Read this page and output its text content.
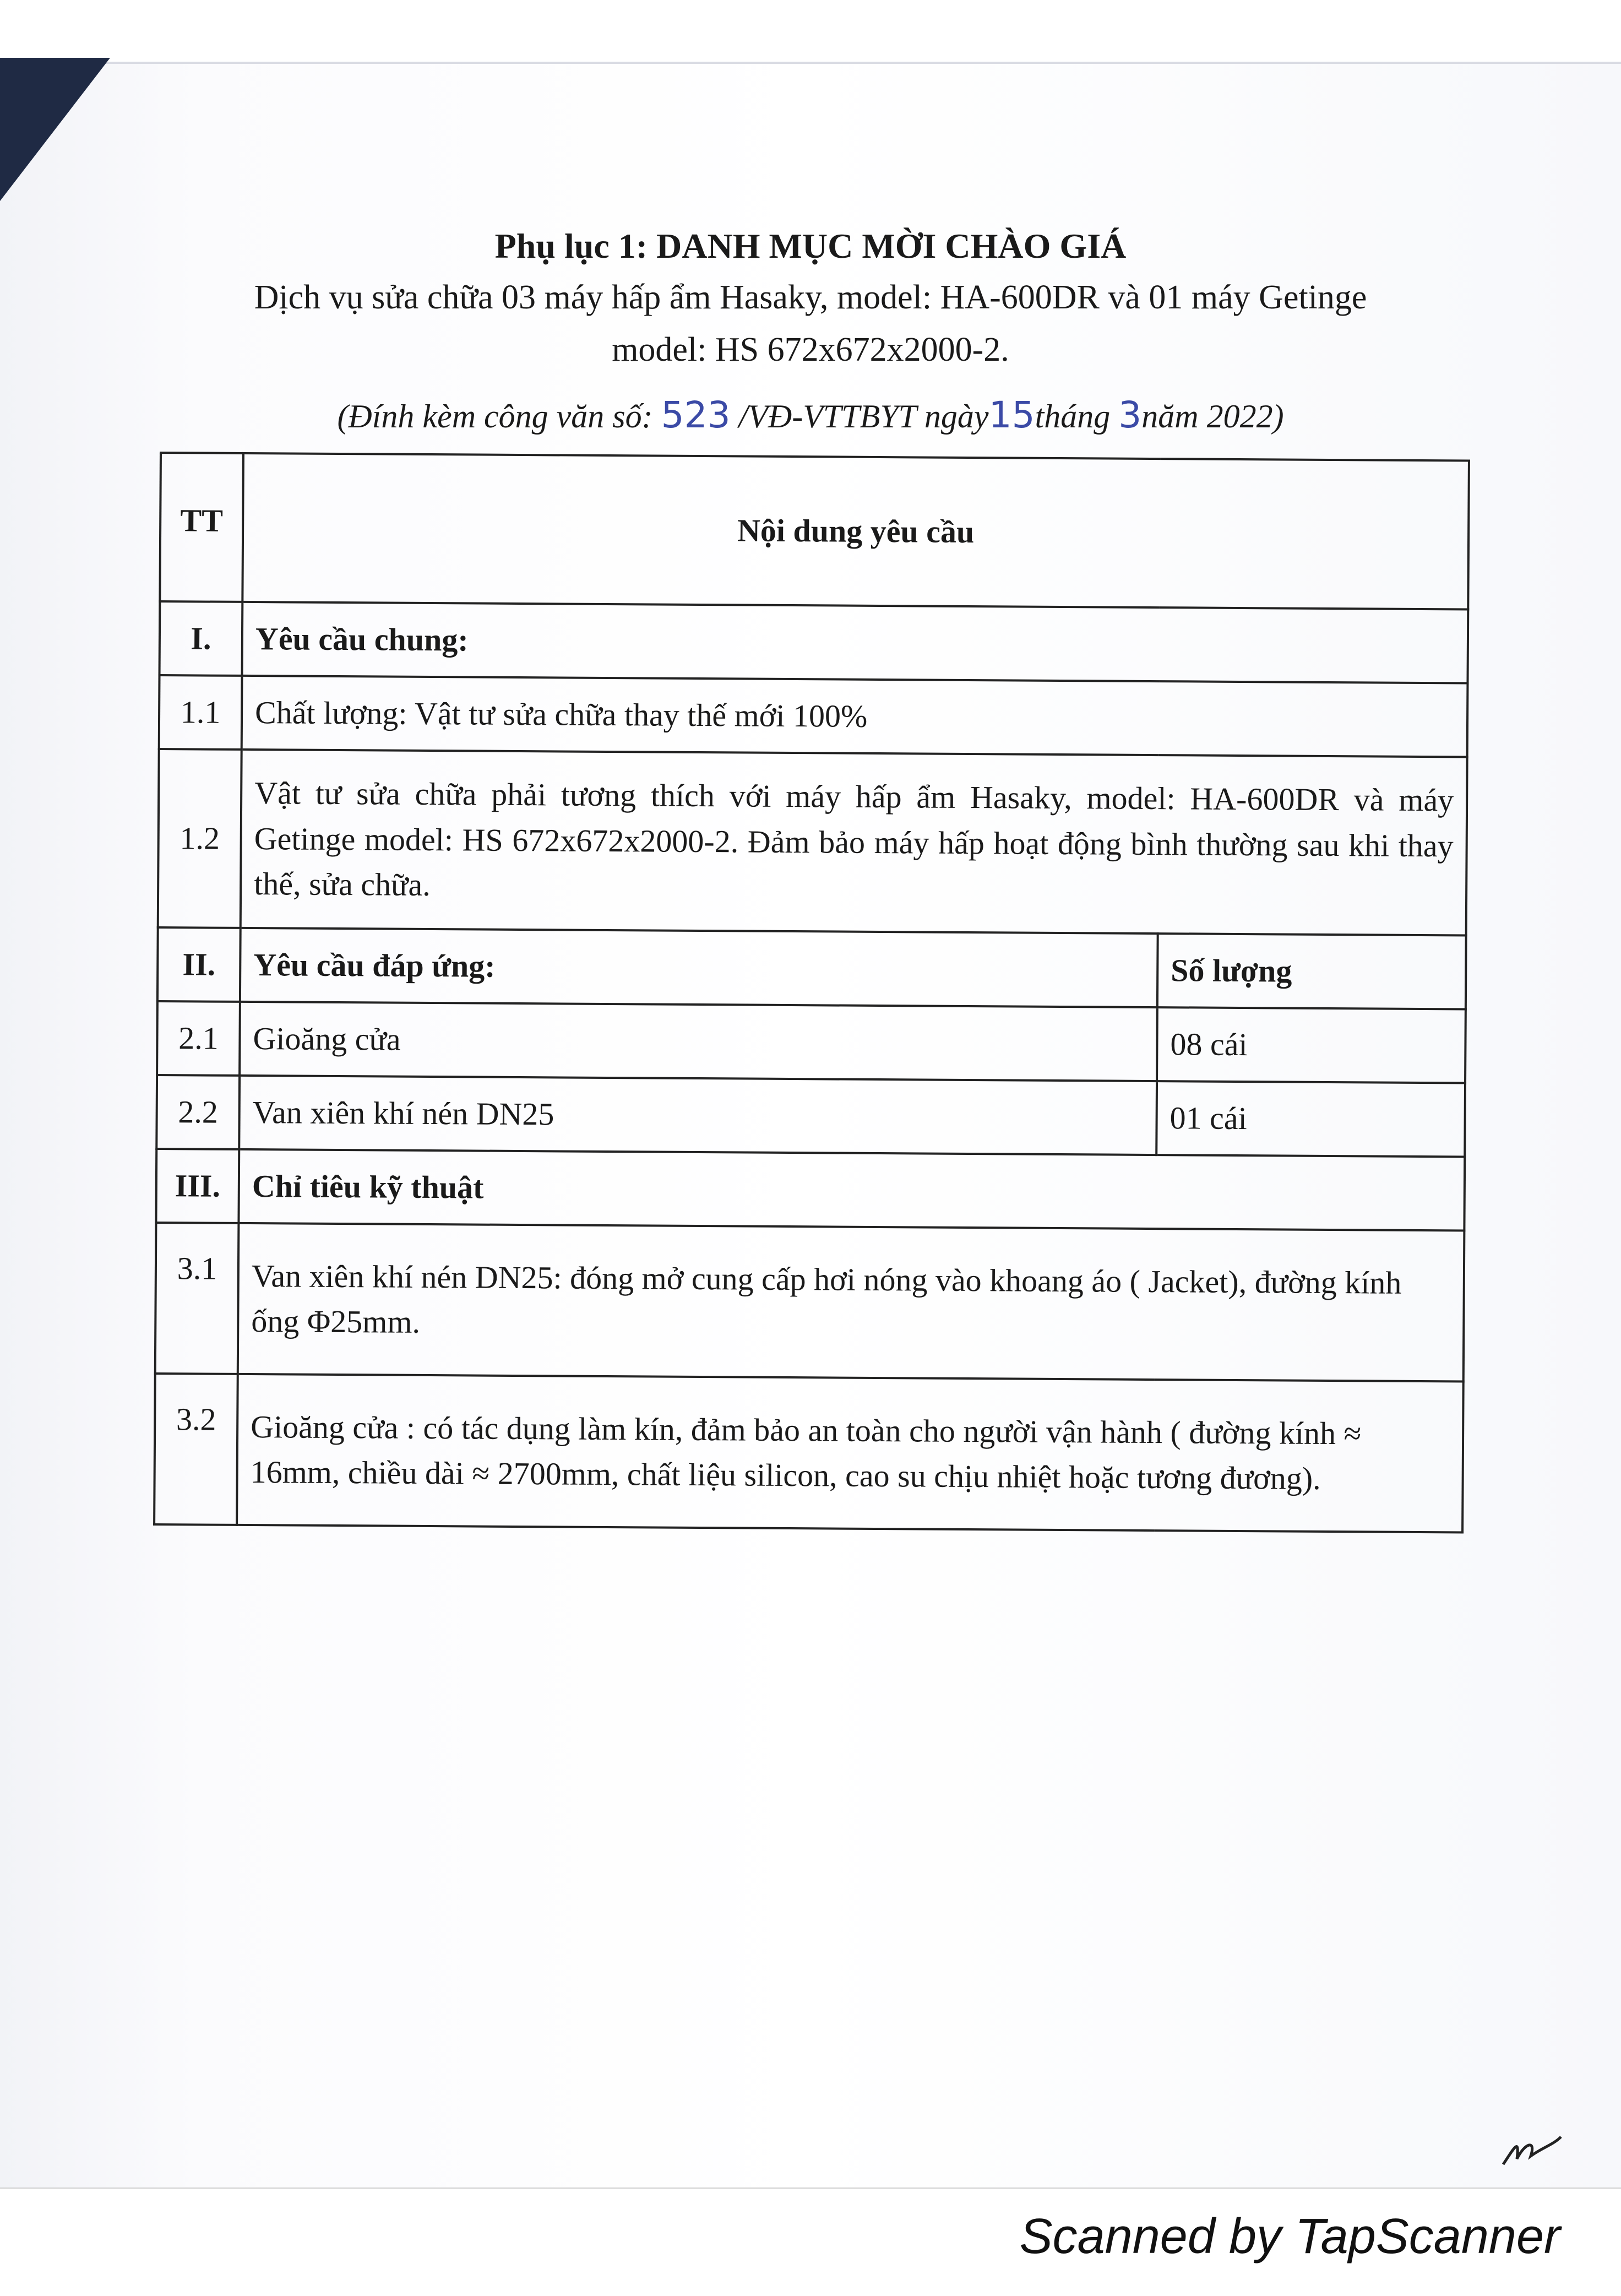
Phụ lục 1: DANH MỤC MỜI CHÀO GIÁ
Dịch vụ sửa chữa 03 máy hấp ẩm Hasaky, model: HA-600DR và 01 máy Getinge
model: HS 672x672x2000-2.
(Đính kèm công văn số: 523 /VĐ-VTTBYT ngày15tháng 3năm 2022)
TT	Nội dung yêu cầu	
I.	Yêu cầu chung:	
1.1	Chất lượng: Vật tư sửa chữa thay thế mới 100%	
1.2	Vật tư sửa chữa phải tương thích với máy hấp ẩm Hasaky, model: HA-600DR và máy Getinge model: HS 672x672x2000-2. Đảm bảo máy hấp hoạt động bình thường sau khi thay thế, sửa chữa.	
II.	Yêu cầu đáp ứng:	Số lượng
2.1	Gioăng cửa	08 cái
2.2	Van xiên khí nén DN25	01 cái
III.	Chỉ tiêu kỹ thuật	
3.1	Van xiên khí nén DN25: đóng mở cung cấp hơi nóng vào khoang áo ( Jacket), đường kính ống Φ25mm.	
3.2	Gioăng cửa : có tác dụng làm kín, đảm bảo an toàn cho người vận hành ( đường kính ≈ 16mm, chiều dài ≈ 2700mm, chất liệu silicon, cao su chịu nhiệt hoặc tương đương).	
Scanned by TapScanner
